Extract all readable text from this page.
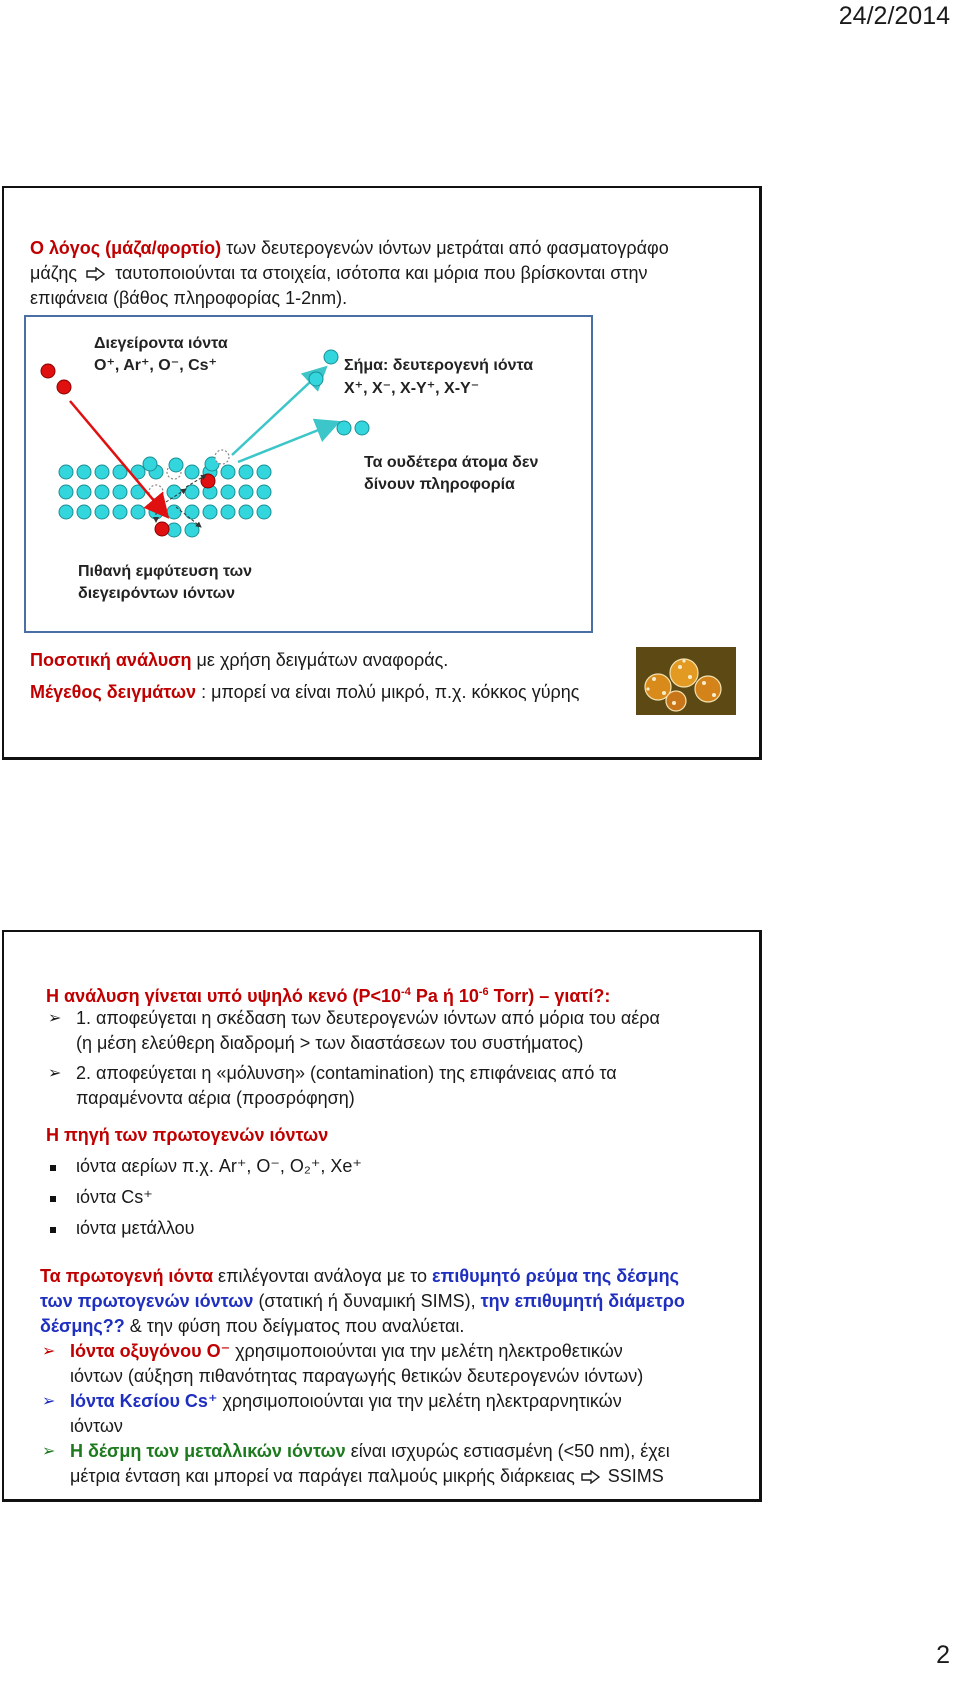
24/2/2014
Ο λόγος (μάζα/φορτίο) των δευτερογενών ιόντων μετράται από φασματογράφο
μάζης  ταυτοποιούνται τα στοιχεία, ισότοπα και μόρια που βρίσκονται στην
επιφάνεια (βάθος πληροφορίας 1-2nm).
Διεγείροντα ιόντα
O⁺, Ar⁺, O⁻, Cs⁺	Σήμα: δευτερογενή ιόντα
X⁺, X⁻, X-Y⁺, X-Y⁻
Τα ουδέτερα άτομα δεν
δίνουν πληροφορία
Πιθανή εμφύτευση των
διεγειρόντων ιόντων
Ποσοτική ανάλυση με χρήση δειγμάτων αναφοράς.
Μέγεθος δειγμάτων : μπορεί να είναι πολύ μικρό, π.χ. κόκκος γύρης
Η ανάλυση γίνεται υπό υψηλό κενό ($P<10^{-4}$ Pa ή $10^{-6}$ Torr) – γιατί?:
➢ 1. αποφεύγεται η σκέδαση των δευτερογενών ιόντων από μόρια του αέρα
(η μέση ελεύθερη διαδρομή > των διαστάσεων του συστήματος)
➢ 2. αποφεύγεται η «μόλυνση» (contamination) της επιφάνειας από τα
παραμένοντα αέρια (προσρόφηση)
Η πηγή των πρωτογενών ιόντων
ιόντα αερίων π.χ. Ar⁺, O⁻, O₂⁺, Xe⁺
ιόντα Cs⁺
ιόντα μετάλλου
Τα πρωτογενή ιόντα επιλέγονται ανάλογα με το επιθυμητό ρεύμα της δέσμης
των πρωτογενών ιόντων (στατική ή δυναμική SIMS), την επιθυμητή διάμετρο
δέσμης?? & την φύση που δείγματος που αναλύεται.
➢ Ιόντα οξυγόνου O⁻ χρησιμοποιούνται για την μελέτη ηλεκτροθετικών
ιόντων (αύξηση πιθανότητας παραγωγής θετικών δευτερογενών ιόντων)
➢ Ιόντα Κεσίου Cs⁺ χρησιμοποιούνται για την μελέτη ηλεκτραρνητικών
ιόντων
➢ Η δέσμη των μεταλλικών ιόντων είναι ισχυρώς εστιασμένη (<50 nm), έχει
μέτρια ένταση και μπορεί να παράγει παλμούς μικρής διάρκειας SSIMS
2
